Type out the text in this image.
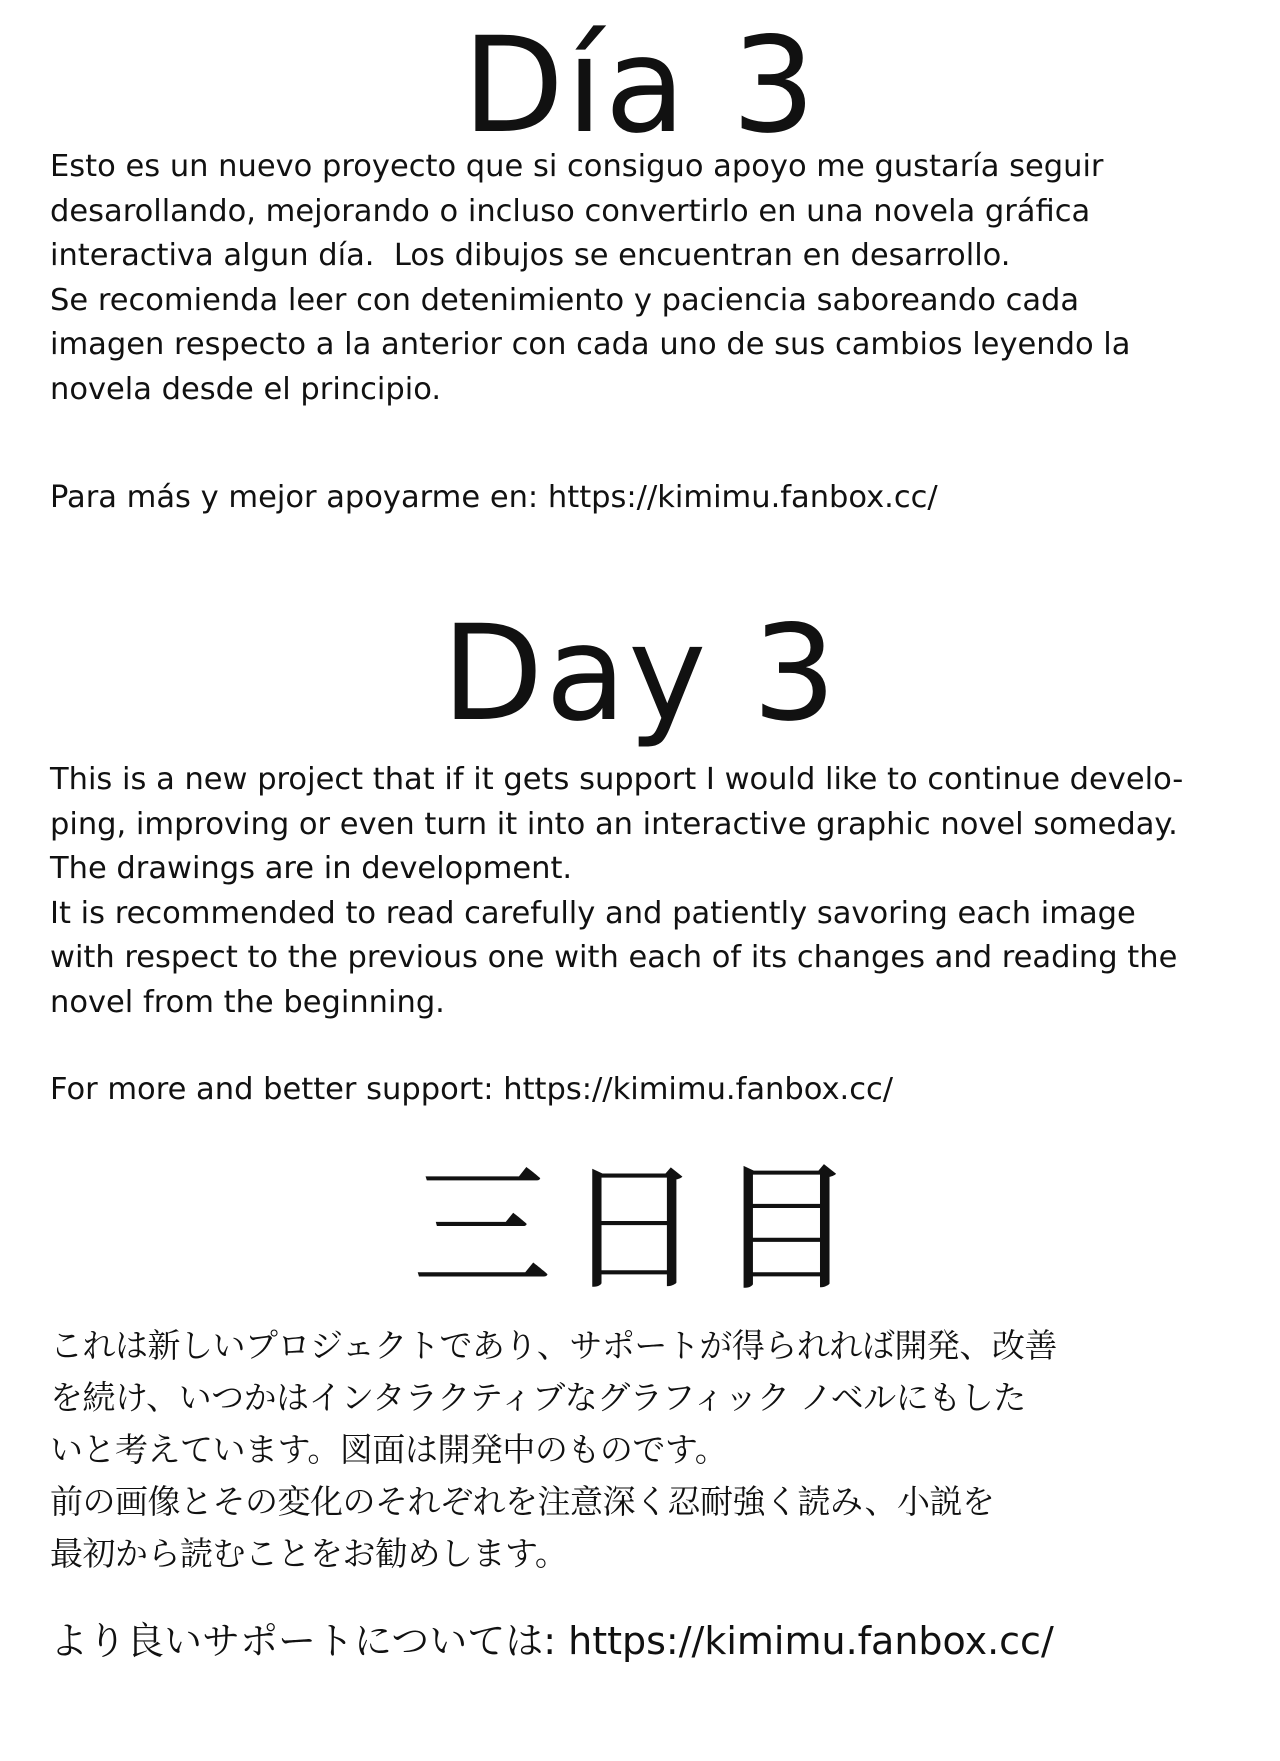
Día 3

Esto es un nuevo proyecto que si consiguo apoyo me gustaría seguir
desarollando, mejorando o incluso convertirlo en una novela gráfica
interactiva algun día.  Los dibujos se encuentran en desarrollo.
Se recomienda leer con detenimiento y paciencia saboreando cada
imagen respecto a la anterior con cada uno de sus cambios leyendo la
novela desde el principio.

Para más y mejor apoyarme en: https://kimimu.fanbox.cc/

Day 3

This is a new project that if it gets support I would like to continue develo-
ping, improving or even turn it into an interactive graphic novel someday.
The drawings are in development.
It is recommended to read carefully and patiently savoring each image
with respect to the previous one with each of its changes and reading the
novel from the beginning.

For more and better support: https://kimimu.fanbox.cc/

三日目

これは新しいプロジェクトであり、サポートが得られれば開発、改善
を続け、いつかはインタラクティブなグラフィック ノベルにもした
いと考えています。図面は開発中のものです。
前の画像とその変化のそれぞれを注意深く忍耐強く読み、小説を
最初から読むことをお勧めします。

より良いサポートについては: https://kimimu.fanbox.cc/
